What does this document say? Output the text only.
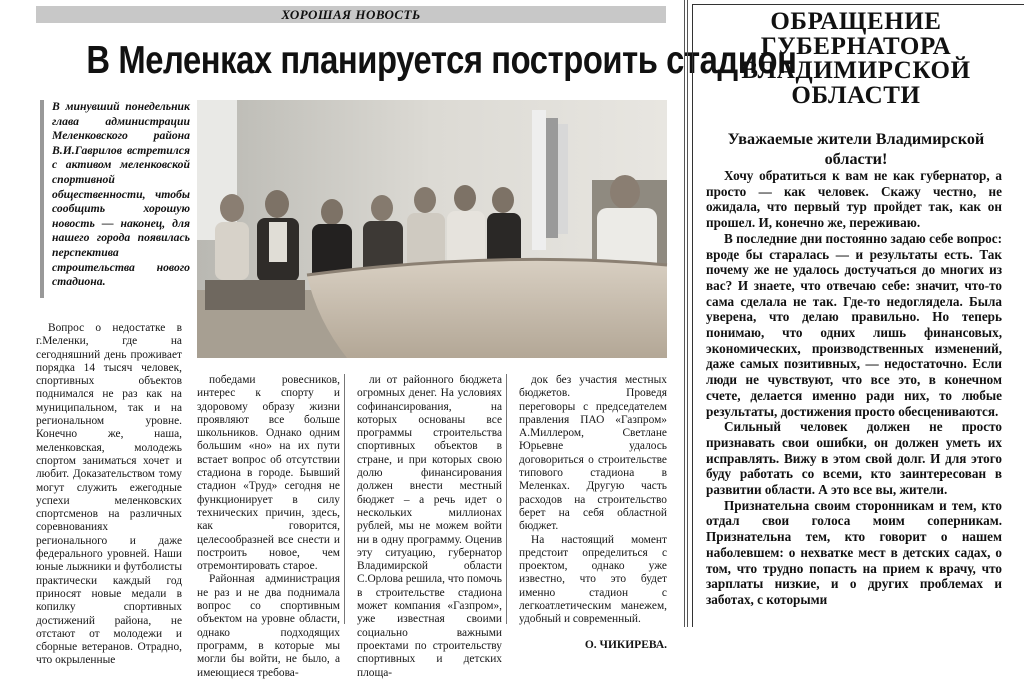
ХОРОШАЯ НОВОСТЬ
В Меленках планируется построить стадион

В минувший понедельник глава администрации Меленковского района В.И.Гаврилов встретился с активом меленковской спортивной общественности, чтобы сообщить хорошую новость — наконец, для нашего города появилась перспектива строительства нового стадиона.

Вопрос о недостатке в г.Меленки, где на сегодняшний день проживает порядка 14 тысяч человек, спортивных объектов поднимался не раз как на муниципальном, так и на региональном уровне. Конечно же, наша, меленковская, молодежь спортом заниматься хочет и любит. Доказательством тому могут служить ежегодные успехи меленковских спортсменов на различных соревнованиях регионального и даже федерального уровней. Наши юные лыжники и футболисты практически каждый год приносят новые медали в копилку спортивных достижений района, не отстают от молодежи и сборные ветеранов. Отрадно, что окрыленные

победами ровесников, интерес к спорту и здоровому образу жизни проявляют все больше школьников. Однако одним большим «но» на их пути встает вопрос об отсутствии стадиона в городе. Бывший стадион «Труд» сегодня не функционирует в силу технических причин, здесь, как говорится, целесообразней все снести и построить новое, чем отремонтировать старое.

Районная администрация не раз и не два поднимала вопрос со спортивным объектом на уровне области, однако подходящих программ, в которые мы могли бы войти, не было, а имеющиеся требова-

ли от районного бюджета огромных денег. На условиях софинансирования, на которых основаны все программы строительства спортивных объектов в стране, и при которых свою долю финансирования должен внести местный бюджет – а речь идет о нескольких миллионах рублей, мы не можем войти ни в одну программу. Оценив эту ситуацию, губернатор Владимирской области С.Орлова решила, что помочь в строительстве стадиона может компания «Газпром», уже известная своими социально важными проектами по строительству спортивных и детских площа-

док без участия местных бюджетов. Проведя переговоры с председателем правления ПАО «Газпром» А.Миллером, Светлане Юрьевне удалось договориться о строительстве типового стадиона в Меленках. Другую часть расходов на строительство берет на себя областной бюджет.

На настоящий момент предстоит определиться с проектом, однако уже известно, что это будет именно стадион с легкоатлетическим манежем, удобный и современный.

О. ЧИКИРЕВА.

ОБРАЩЕНИЕ ГУБЕРНАТОРА ВЛАДИМИРСКОЙ ОБЛАСТИ
Уважаемые жители Владимирской области!

Хочу обратиться к вам не как губернатор, а просто — как человек. Скажу честно, не ожидала, что первый тур пройдет так, как он прошел. И, конечно же, переживаю.

В последние дни постоянно задаю себе вопрос: вроде бы старалась — и результаты есть. Так почему же не удалось достучаться до многих из вас? И знаете, что отвечаю себе: значит, что-то сама сделала не так. Где-то недоглядела. Была уверена, что делаю правильно. Но теперь понимаю, что одних лишь финансовых, экономических, производственных изменений, даже самых позитивных, — недостаточно. Если люди не чувствуют, что все это, в конечном счете, делается именно ради них, то любые результаты, достижения просто обесцениваются.

Сильный человек должен не просто признавать свои ошибки, он должен уметь их исправлять. Вижу в этом свой долг. И для этого буду работать со всеми, кто заинтересован в развитии области. А это все вы, жители.

Признательна своим сторонникам и тем, кто отдал свои голоса моим соперникам. Признательна тем, кто говорит о нашем наболевшем: о нехватке мест в детских садах, о том, что трудно попасть на прием к врачу, что зарплаты низкие, и о других проблемах и заботах, с которыми
